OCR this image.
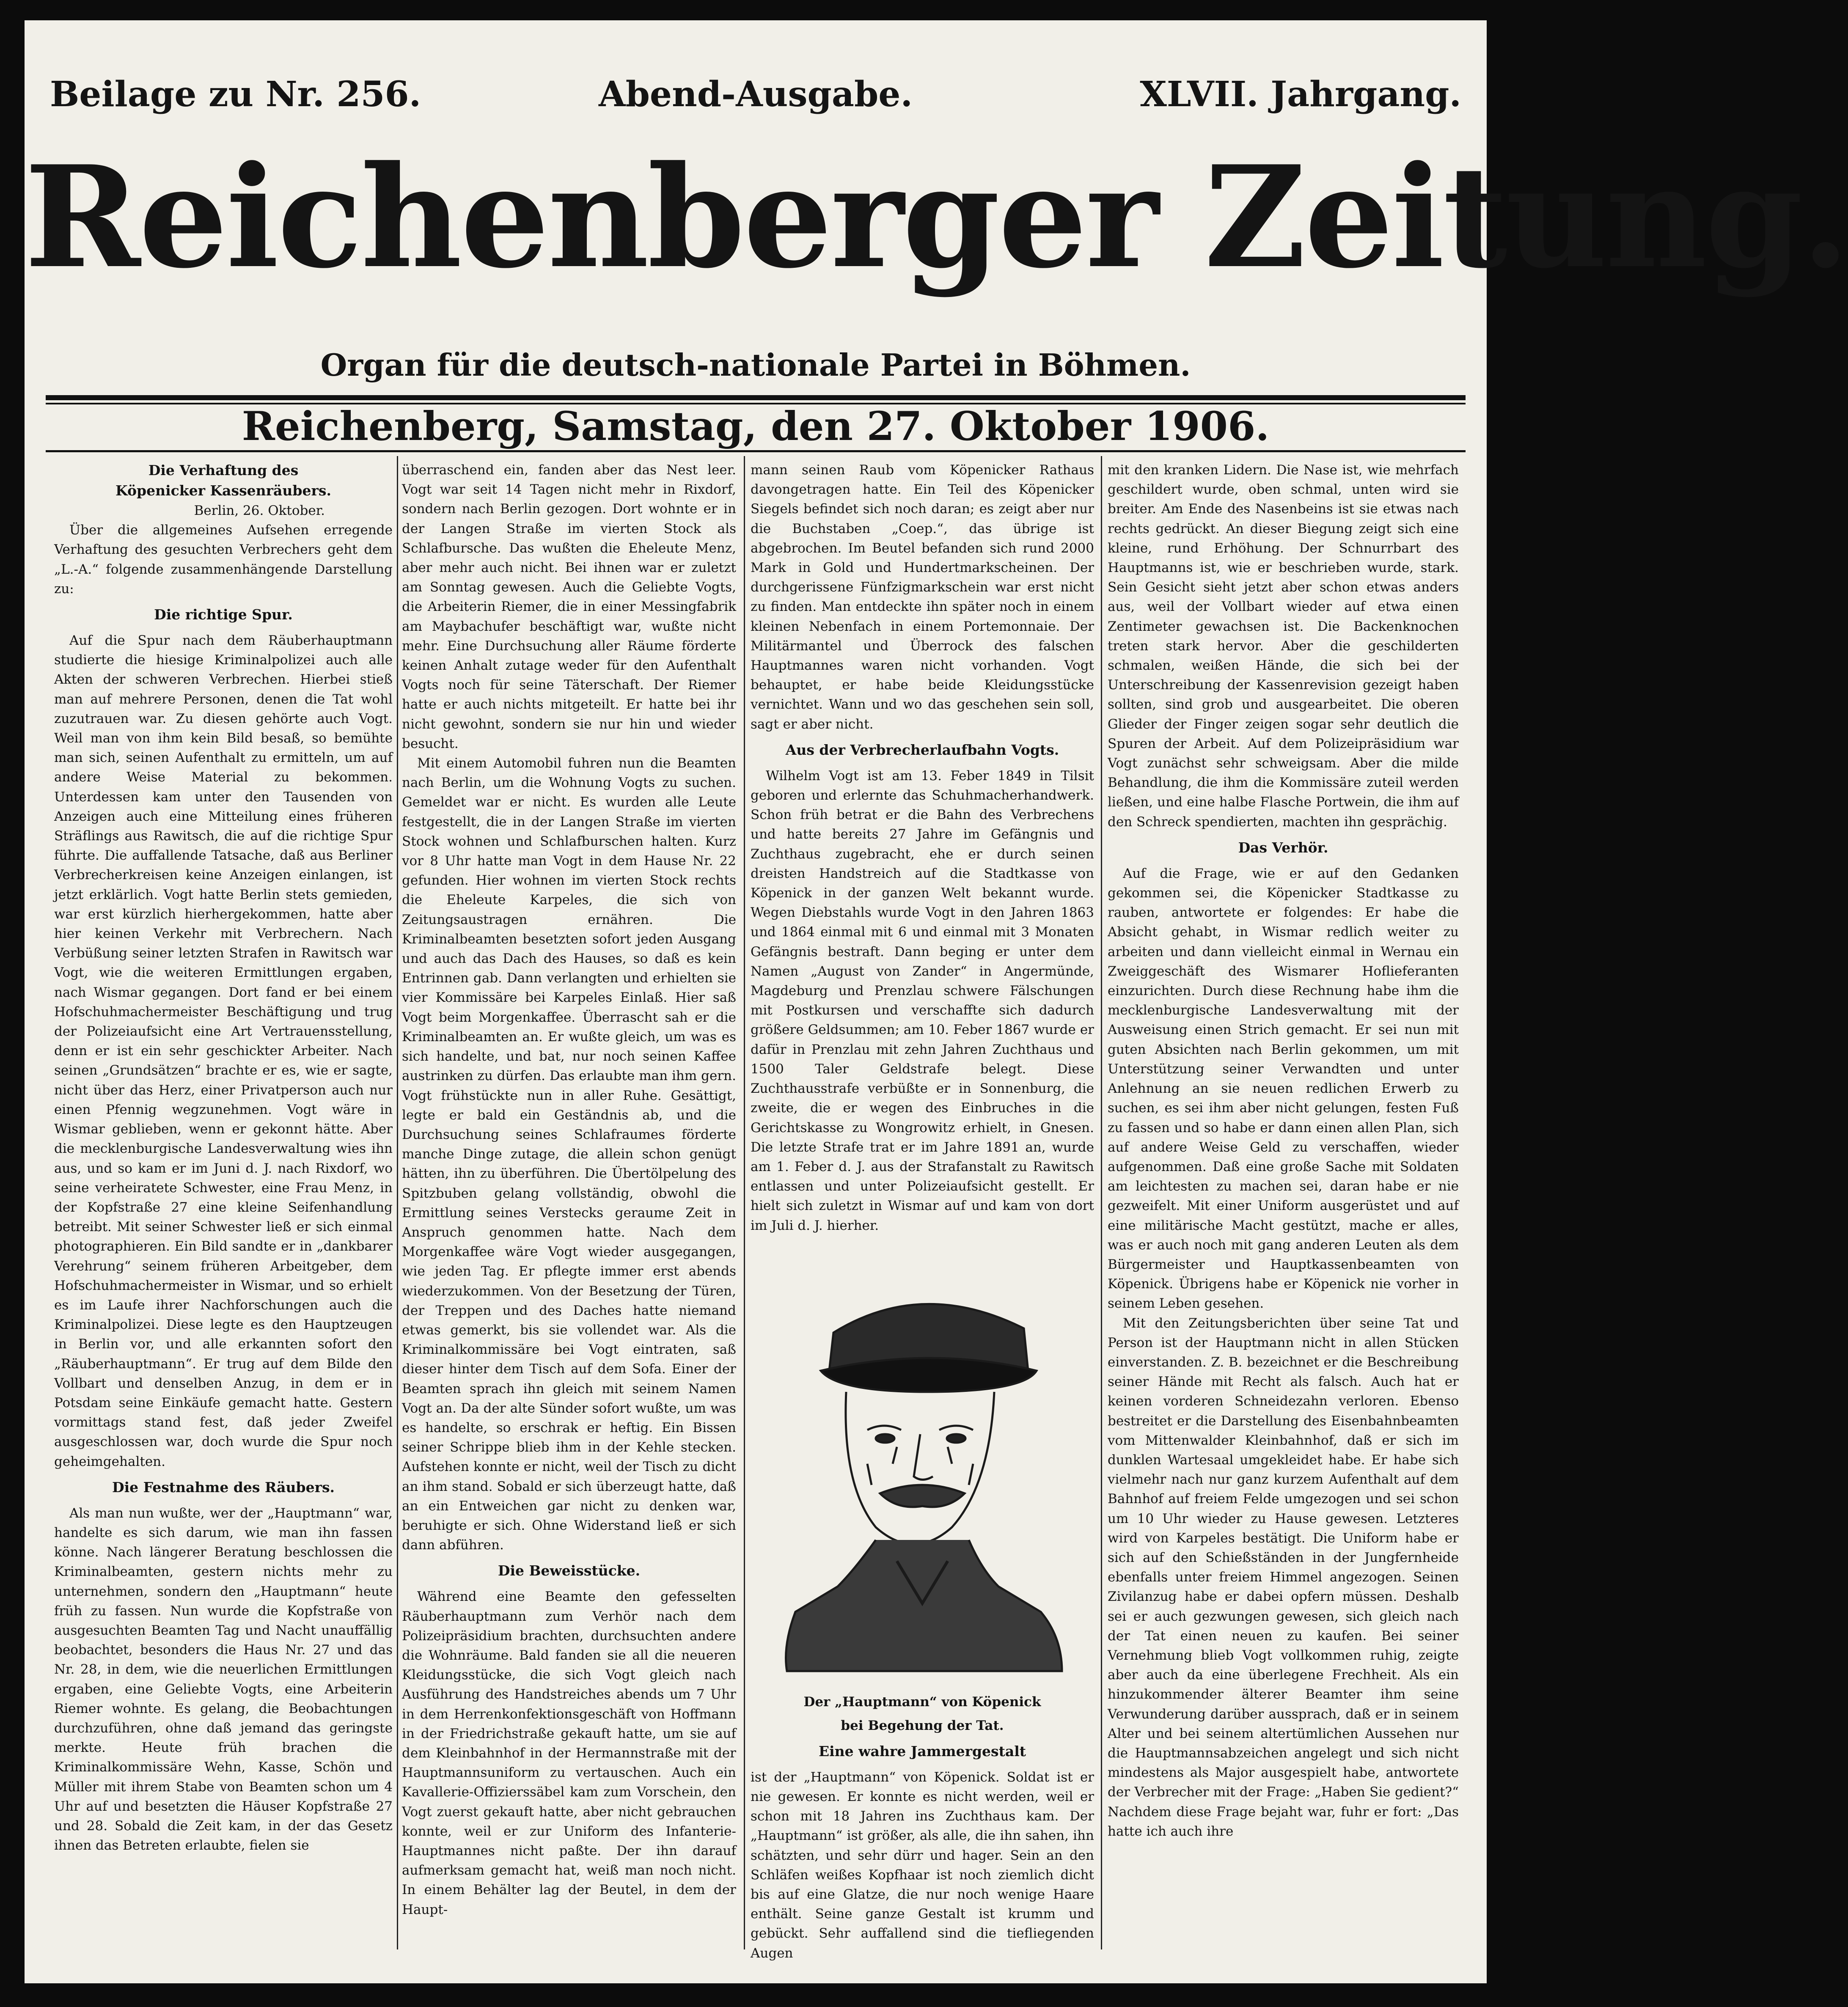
Beilage zu Nr. 256.	Abend-Ausgabe.	XLVII. Jahrgang.
Reichenberger Zeitung.
Organ für die deutsch-nationale Partei in Böhmen.
Reichenberg, Samstag, den 27. Oktober 1906.
Die Verhaftung des
Köpenicker Kassenräubers.
Berlin, 26. Oktober.

Über die allgemeines Aufsehen erregende Verhaftung des gesuchten Verbrechers geht dem „L.-A.“ folgende zusammenhängende Darstellung zu:

Die richtige Spur.

Auf die Spur nach dem Räuberhauptmann studierte die hiesige Kriminalpolizei auch alle Akten der schweren Verbrechen. Hierbei stieß man auf mehrere Personen, denen die Tat wohl zuzutrauen war. Zu diesen gehörte auch Vogt. Weil man von ihm kein Bild besaß, so bemühte man sich, seinen Aufenthalt zu ermitteln, um auf andere Weise Material zu bekommen. Unterdessen kam unter den Tausenden von Anzeigen auch eine Mitteilung eines früheren Sträflings aus Rawitsch, die auf die richtige Spur führte. Die auffallende Tatsache, daß aus Berliner Verbrecherkreisen keine Anzeigen einlangen, ist jetzt erklärlich. Vogt hatte Berlin stets gemieden, war erst kürzlich hierhergekommen, hatte aber hier keinen Verkehr mit Verbrechern. Nach Verbüßung seiner letzten Strafen in Rawitsch war Vogt, wie die weiteren Ermittlungen ergaben, nach Wismar gegangen. Dort fand er bei einem Hofschuhmachermeister Beschäftigung und trug der Polizeiaufsicht eine Art Vertrauensstellung, denn er ist ein sehr geschickter Arbeiter. Nach seinen „Grundsätzen“ brachte er es, wie er sagte, nicht über das Herz, einer Privatperson auch nur einen Pfennig wegzunehmen. Vogt wäre in Wismar geblieben, wenn er gekonnt hätte. Aber die mecklenburgische Landesverwaltung wies ihn aus, und so kam er im Juni d. J. nach Rixdorf, wo seine verheiratete Schwester, eine Frau Menz, in der Kopfstraße 27 eine kleine Seifenhandlung betreibt. Mit seiner Schwester ließ er sich einmal photographieren. Ein Bild sandte er in „dankbarer Verehrung“ seinem früheren Arbeitgeber, dem Hofschuhmachermeister in Wismar, und so erhielt es im Laufe ihrer Nachforschungen auch die Kriminalpolizei. Diese legte es den Hauptzeugen in Berlin vor, und alle erkannten sofort den „Räuberhauptmann“. Er trug auf dem Bilde den Vollbart und denselben Anzug, in dem er in Potsdam seine Einkäufe gemacht hatte. Gestern vormittags stand fest, daß jeder Zweifel ausgeschlossen war, doch wurde die Spur noch geheimgehalten.

Die Festnahme des Räubers.

Als man nun wußte, wer der „Hauptmann“ war, handelte es sich darum, wie man ihn fassen könne. Nach längerer Beratung beschlossen die Kriminalbeamten, gestern nichts mehr zu unternehmen, sondern den „Hauptmann“ heute früh zu fassen. Nun wurde die Kopfstraße von ausgesuchten Beamten Tag und Nacht unauffällig beobachtet, besonders die Haus Nr. 27 und das Nr. 28, in dem, wie die neuerlichen Ermittlungen ergaben, eine Geliebte Vogts, eine Arbeiterin Riemer wohnte. Es gelang, die Beobachtungen durchzuführen, ohne daß jemand das geringste merkte. Heute früh brachen die Kriminalkommissäre Wehn, Kasse, Schön und Müller mit ihrem Stabe von Beamten schon um 4 Uhr auf und besetzten die Häuser Kopfstraße 27 und 28. Sobald die Zeit kam, in der das Gesetz ihnen das Betreten erlaubte, fielen sie

überraschend ein, fanden aber das Nest leer. Vogt war seit 14 Tagen nicht mehr in Rixdorf, sondern nach Berlin gezogen. Dort wohnte er in der Langen Straße im vierten Stock als Schlafbursche. Das wußten die Eheleute Menz, aber mehr auch nicht. Bei ihnen war er zuletzt am Sonntag gewesen. Auch die Geliebte Vogts, die Arbeiterin Riemer, die in einer Messingfabrik am Maybachufer beschäftigt war, wußte nicht mehr. Eine Durchsuchung aller Räume förderte keinen Anhalt zutage weder für den Aufenthalt Vogts noch für seine Täterschaft. Der Riemer hatte er auch nichts mitgeteilt. Er hatte bei ihr nicht gewohnt, sondern sie nur hin und wieder besucht.

Mit einem Automobil fuhren nun die Beamten nach Berlin, um die Wohnung Vogts zu suchen. Gemeldet war er nicht. Es wurden alle Leute festgestellt, die in der Langen Straße im vierten Stock wohnen und Schlafburschen halten. Kurz vor 8 Uhr hatte man Vogt in dem Hause Nr. 22 gefunden. Hier wohnen im vierten Stock rechts die Eheleute Karpeles, die sich von Zeitungsaustragen ernähren. Die Kriminalbeamten besetzten sofort jeden Ausgang und auch das Dach des Hauses, so daß es kein Entrinnen gab. Dann verlangten und erhielten sie vier Kommissäre bei Karpeles Einlaß. Hier saß Vogt beim Morgenkaffee. Überrascht sah er die Kriminalbeamten an. Er wußte gleich, um was es sich handelte, und bat, nur noch seinen Kaffee austrinken zu dürfen. Das erlaubte man ihm gern. Vogt frühstückte nun in aller Ruhe. Gesättigt, legte er bald ein Geständnis ab, und die Durchsuchung seines Schlafraumes förderte manche Dinge zutage, die allein schon genügt hätten, ihn zu überführen. Die Übertölpelung des Spitzbuben gelang vollständig, obwohl die Ermittlung seines Verstecks geraume Zeit in Anspruch genommen hatte. Nach dem Morgenkaffee wäre Vogt wieder ausgegangen, wie jeden Tag. Er pflegte immer erst abends wiederzukommen. Von der Besetzung der Türen, der Treppen und des Daches hatte niemand etwas gemerkt, bis sie vollendet war. Als die Kriminalkommissäre bei Vogt eintraten, saß dieser hinter dem Tisch auf dem Sofa. Einer der Beamten sprach ihn gleich mit seinem Namen Vogt an. Da der alte Sünder sofort wußte, um was es handelte, so erschrak er heftig. Ein Bissen seiner Schrippe blieb ihm in der Kehle stecken. Aufstehen konnte er nicht, weil der Tisch zu dicht an ihm stand. Sobald er sich überzeugt hatte, daß an ein Entweichen gar nicht zu denken war, beruhigte er sich. Ohne Widerstand ließ er sich dann abführen.

Die Beweisstücke.

Während eine Beamte den gefesselten Räuberhauptmann zum Verhör nach dem Polizeipräsidium brachten, durchsuchten andere die Wohnräume. Bald fanden sie all die neueren Kleidungsstücke, die sich Vogt gleich nach Ausführung des Handstreiches abends um 7 Uhr in dem Herrenkonfektionsgeschäft von Hoffmann in der Friedrichstraße gekauft hatte, um sie auf dem Kleinbahnhof in der Hermannstraße mit der Hauptmannsuniform zu vertauschen. Auch ein Kavallerie-Offizierssäbel kam zum Vorschein, den Vogt zuerst gekauft hatte, aber nicht gebrauchen konnte, weil er zur Uniform des Infanterie-Hauptmannes nicht paßte. Der ihn darauf aufmerksam gemacht hat, weiß man noch nicht. In einem Behälter lag der Beutel, in dem der Haupt-

mann seinen Raub vom Köpenicker Rathaus davongetragen hatte. Ein Teil des Köpenicker Siegels befindet sich noch daran; es zeigt aber nur die Buchstaben „Coep.“, das übrige ist abgebrochen. Im Beutel befanden sich rund 2000 Mark in Gold und Hundertmarkscheinen. Der durchgerissene Fünfzigmarkschein war erst nicht zu finden. Man entdeckte ihn später noch in einem kleinen Nebenfach in einem Portemonnaie. Der Militärmantel und Überrock des falschen Hauptmannes waren nicht vorhanden. Vogt behauptet, er habe beide Kleidungsstücke vernichtet. Wann und wo das geschehen sein soll, sagt er aber nicht.

Aus der Verbrecherlaufbahn Vogts.

Wilhelm Vogt ist am 13. Feber 1849 in Tilsit geboren und erlernte das Schuhmacherhandwerk. Schon früh betrat er die Bahn des Verbrechens und hatte bereits 27 Jahre im Gefängnis und Zuchthaus zugebracht, ehe er durch seinen dreisten Handstreich auf die Stadtkasse von Köpenick in der ganzen Welt bekannt wurde. Wegen Diebstahls wurde Vogt in den Jahren 1863 und 1864 einmal mit 6 und einmal mit 3 Monaten Gefängnis bestraft. Dann beging er unter dem Namen „August von Zander“ in Angermünde, Magdeburg und Prenzlau schwere Fälschungen mit Postkursen und verschaffte sich dadurch größere Geldsummen; am 10. Feber 1867 wurde er dafür in Prenzlau mit zehn Jahren Zuchthaus und 1500 Taler Geldstrafe belegt. Diese Zuchthausstrafe verbüßte er in Sonnenburg, die zweite, die er wegen des Einbruches in die Gerichtskasse zu Wongrowitz erhielt, in Gnesen. Die letzte Strafe trat er im Jahre 1891 an, wurde am 1. Feber d. J. aus der Strafanstalt zu Rawitsch entlassen und unter Polizeiaufsicht gestellt. Er hielt sich zuletzt in Wismar auf und kam von dort im Juli d. J. hierher.

Der „Hauptmann“ von Köpenick
bei Begehung der Tat.
Eine wahre Jammergestalt

ist der „Hauptmann“ von Köpenick. Soldat ist er nie gewesen. Er konnte es nicht werden, weil er schon mit 18 Jahren ins Zuchthaus kam. Der „Hauptmann“ ist größer, als alle, die ihn sahen, ihn schätzten, und sehr dürr und hager. Sein an den Schläfen weißes Kopfhaar ist noch ziemlich dicht bis auf eine Glatze, die nur noch wenige Haare enthält. Seine ganze Gestalt ist krumm und gebückt. Sehr auffallend sind die tiefliegenden Augen

mit den kranken Lidern. Die Nase ist, wie mehrfach geschildert wurde, oben schmal, unten wird sie breiter. Am Ende des Nasenbeins ist sie etwas nach rechts gedrückt. An dieser Biegung zeigt sich eine kleine, rund Erhöhung. Der Schnurrbart des Hauptmanns ist, wie er beschrieben wurde, stark. Sein Gesicht sieht jetzt aber schon etwas anders aus, weil der Vollbart wieder auf etwa einen Zentimeter gewachsen ist. Die Backenknochen treten stark hervor. Aber die geschilderten schmalen, weißen Hände, die sich bei der Unterschreibung der Kassenrevision gezeigt haben sollten, sind grob und ausgearbeitet. Die oberen Glieder der Finger zeigen sogar sehr deutlich die Spuren der Arbeit. Auf dem Polizeipräsidium war Vogt zunächst sehr schweigsam. Aber die milde Behandlung, die ihm die Kommissäre zuteil werden ließen, und eine halbe Flasche Portwein, die ihm auf den Schreck spendierten, machten ihn gesprächig.

Das Verhör.

Auf die Frage, wie er auf den Gedanken gekommen sei, die Köpenicker Stadtkasse zu rauben, antwortete er folgendes: Er habe die Absicht gehabt, in Wismar redlich weiter zu arbeiten und dann vielleicht einmal in Wernau ein Zweiggeschäft des Wismarer Hoflieferanten einzurichten. Durch diese Rechnung habe ihm die mecklenburgische Landesverwaltung mit der Ausweisung einen Strich gemacht. Er sei nun mit guten Absichten nach Berlin gekommen, um mit Unterstützung seiner Verwandten und unter Anlehnung an sie neuen redlichen Erwerb zu suchen, es sei ihm aber nicht gelungen, festen Fuß zu fassen und so habe er dann einen allen Plan, sich auf andere Weise Geld zu verschaffen, wieder aufgenommen. Daß eine große Sache mit Soldaten am leichtesten zu machen sei, daran habe er nie gezweifelt. Mit einer Uniform ausgerüstet und auf eine militärische Macht gestützt, mache er alles, was er auch noch mit gang anderen Leuten als dem Bürgermeister und Hauptkassenbeamten von Köpenick. Übrigens habe er Köpenick nie vorher in seinem Leben gesehen.

Mit den Zeitungsberichten über seine Tat und Person ist der Hauptmann nicht in allen Stücken einverstanden. Z. B. bezeichnet er die Beschreibung seiner Hände mit Recht als falsch. Auch hat er keinen vorderen Schneidezahn verloren. Ebenso bestreitet er die Darstellung des Eisenbahnbeamten vom Mittenwalder Kleinbahnhof, daß er sich im dunklen Wartesaal umgekleidet habe. Er habe sich vielmehr nach nur ganz kurzem Aufenthalt auf dem Bahnhof auf freiem Felde umgezogen und sei schon um 10 Uhr wieder zu Hause gewesen. Letzteres wird von Karpeles bestätigt. Die Uniform habe er sich auf den Schießständen in der Jungfernheide ebenfalls unter freiem Himmel angezogen. Seinen Zivilanzug habe er dabei opfern müssen. Deshalb sei er auch gezwungen gewesen, sich gleich nach der Tat einen neuen zu kaufen. Bei seiner Vernehmung blieb Vogt vollkommen ruhig, zeigte aber auch da eine überlegene Frechheit. Als ein hinzukommender älterer Beamter ihm seine Verwunderung darüber aussprach, daß er in seinem Alter und bei seinem altertümlichen Aussehen nur die Hauptmannsabzeichen angelegt und sich nicht mindestens als Major ausgespielt habe, antwortete der Verbrecher mit der Frage: „Haben Sie gedient?“ Nachdem diese Frage bejaht war, fuhr er fort: „Das hatte ich auch ihre
